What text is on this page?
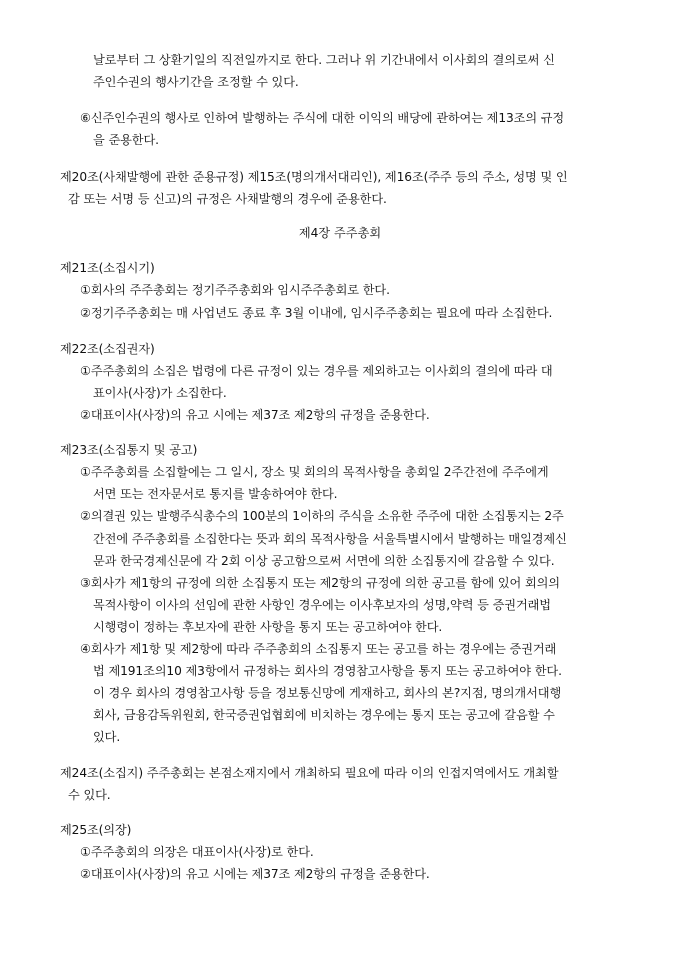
날로부터 그 상환기일의 직전일까지로 한다. 그러나 위 기간내에서 이사회의 결의로써 신
주인수권의 행사기간을 조정할 수 있다.
⑥신주인수권의 행사로 인하여 발행하는 주식에 대한 이익의 배당에 관하여는 제13조의 규정
을 준용한다.
제20조(사채발행에 관한 준용규정) 제15조(명의개서대리인), 제16조(주주 등의 주소, 성명 및 인
감 또는 서명 등 신고)의 규정은 사채발행의 경우에 준용한다.
제4장 주주총회
제21조(소집시기)
①회사의 주주총회는 정기주주총회와 임시주주총회로 한다.
②정기주주총회는 매 사업년도 종료 후 3월 이내에, 임시주주총회는 필요에 따라 소집한다.
제22조(소집권자)
①주주총회의 소집은 법령에 다른 규정이 있는 경우를 제외하고는 이사회의 결의에 따라 대
표이사(사장)가 소집한다.
②대표이사(사장)의 유고 시에는 제37조 제2항의 규정을 준용한다.
제23조(소집통지 및 공고)
①주주총회를 소집할에는 그 일시, 장소 및 회의의 목적사항을 총회일 2주간전에 주주에게
서면 또는 전자문서로 통지를 발송하여야 한다.
②의결권 있는 발행주식총수의 100분의 1이하의 주식을 소유한 주주에 대한 소집통지는 2주
간전에 주주총회를 소집한다는 뜻과 회의 목적사항을 서울특별시에서 발행하는 매일경제신
문과 한국경제신문에 각 2회 이상 공고함으로써 서면에 의한 소집통지에 갈음할 수 있다.
③회사가 제1항의 규정에 의한 소집통지 또는 제2항의 규정에 의한 공고를 함에 있어 회의의
목적사항이 이사의 선임에 관한 사항인 경우에는 이사후보자의 성명,약력 등 증권거래법
시행령이 정하는 후보자에 관한 사항을 통지 또는 공고하여야 한다.
④회사가 제1항 및 제2항에 따라 주주총회의 소집통지 또는 공고를 하는 경우에는 증권거래
법 제191조의10 제3항에서 규정하는 회사의 경영참고사항을 통지 또는 공고하여야 한다.
이 경우 회사의 경영참고사항 등을 정보통신망에 게재하고, 회사의 본?지점, 명의개서대행
회사, 금융감독위원회, 한국증권업협회에 비치하는 경우에는 통지 또는 공고에 갈음할 수
있다.
제24조(소집지) 주주총회는 본점소재지에서 개최하되 필요에 따라 이의 인접지역에서도 개최할
수 있다.
제25조(의장)
①주주총회의 의장은 대표이사(사장)로 한다.
②대표이사(사장)의 유고 시에는 제37조 제2항의 규정을 준용한다.
